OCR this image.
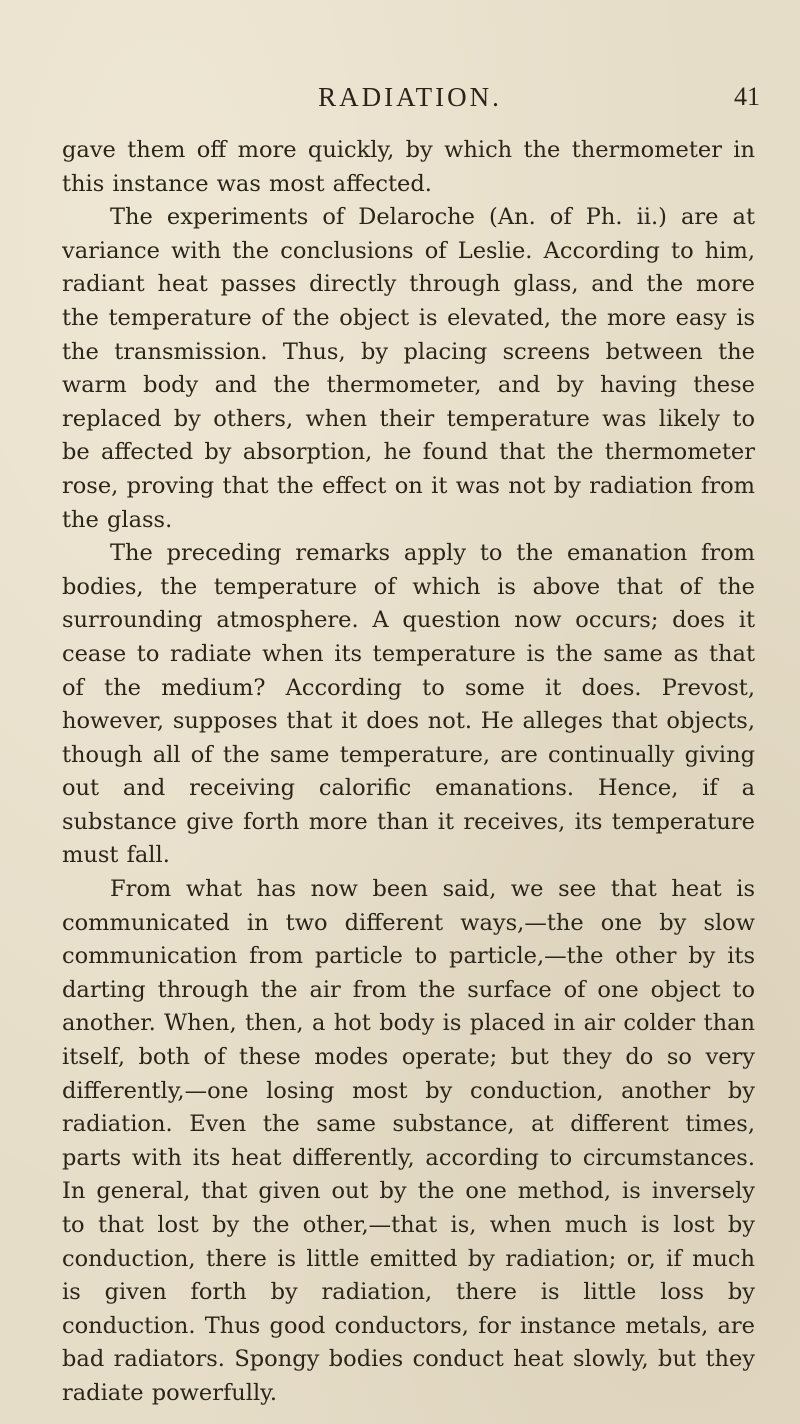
RADIATION.	41

gave them off more quickly, by which the thermometer in this instance was most affected.

The experiments of Delaroche (An. of Ph. ii.) are at variance with the conclusions of Leslie. According to him, radiant heat passes directly through glass, and the more the temperature of the object is elevated, the more easy is the transmission. Thus, by placing screens between the warm body and the thermometer, and by having these replaced by others, when their temperature was likely to be affected by absorption, he found that the thermometer rose, proving that the effect on it was not by radiation from the glass.

The preceding remarks apply to the emanation from bodies, the temperature of which is above that of the surrounding atmosphere. A question now occurs; does it cease to radiate when its temperature is the same as that of the medium? According to some it does. Prevost, however, supposes that it does not. He alleges that objects, though all of the same temperature, are continually giving out and receiving calorific emanations. Hence, if a substance give forth more than it receives, its temperature must fall.

From what has now been said, we see that heat is communicated in two different ways,—the one by slow communication from particle to particle,—the other by its darting through the air from the surface of one object to another. When, then, a hot body is placed in air colder than itself, both of these modes operate; but they do so very differently,—one losing most by conduction, another by radiation. Even the same substance, at different times, parts with its heat differently, according to circumstances. In general, that given out by the one method, is inversely to that lost by the other,—that is, when much is lost by conduction, there is little emitted by radiation; or, if much is given forth by radiation, there is little loss by conduction. Thus good conductors, for instance metals, are bad radiators. Spongy bodies conduct heat slowly, but they radiate powerfully.
